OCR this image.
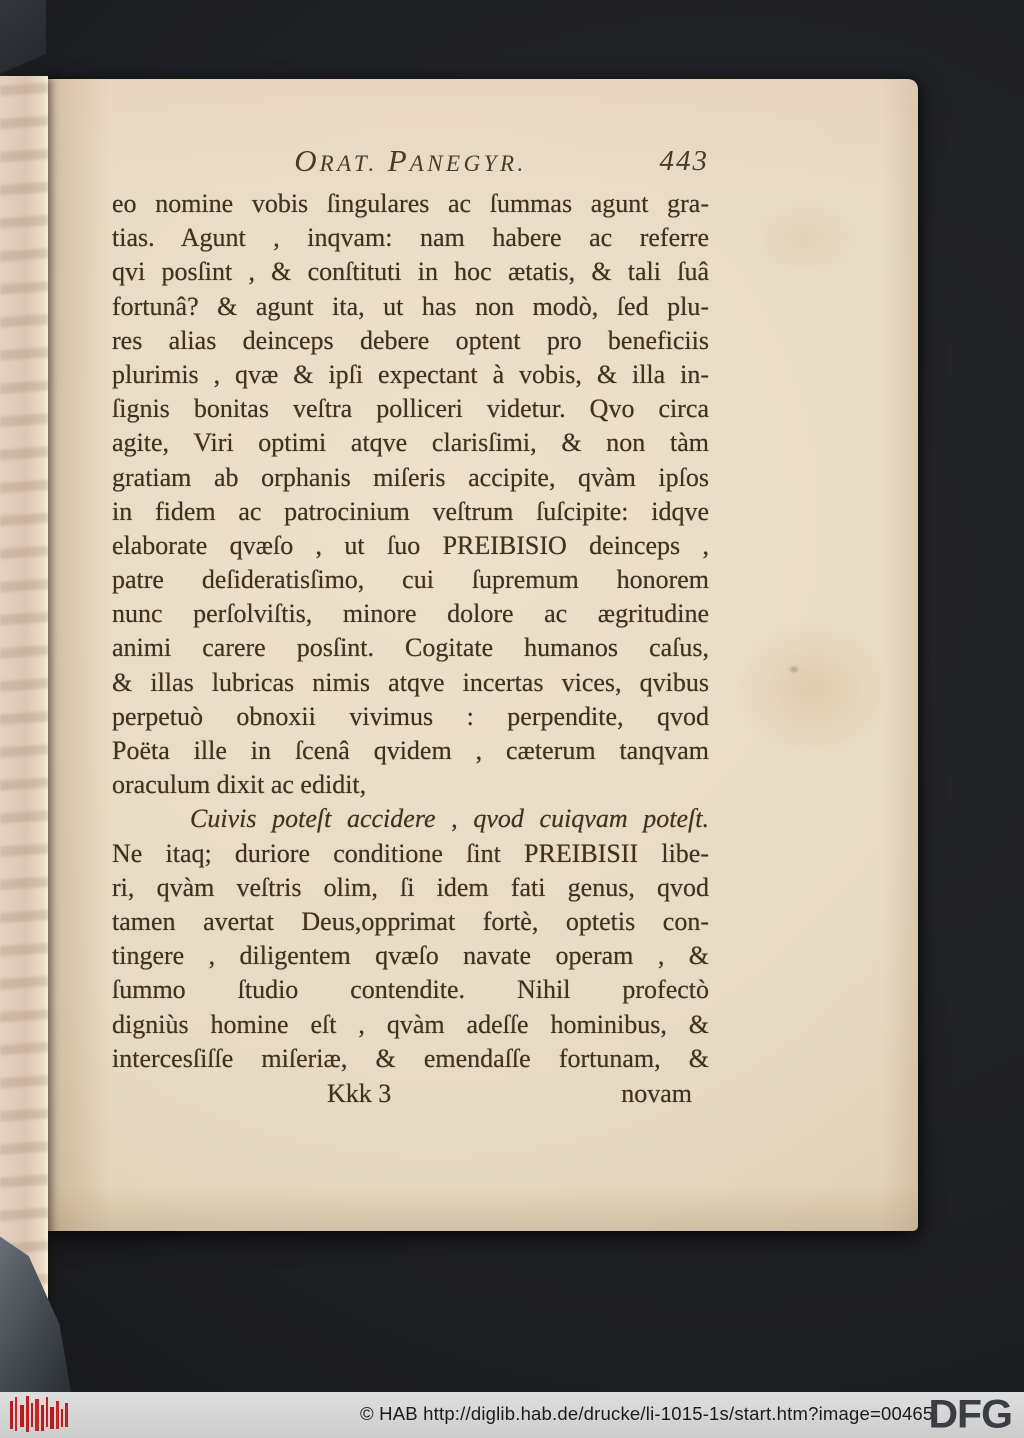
ORAT. PANEGYR.	443
eo nomine vobis ſingulares ac ſummas agunt gra-
tias. Agunt , inqvam: nam habere ac referre
qvi posſint , & conſtituti in hoc ætatis, & tali ſuâ
fortunâ? & agunt ita, ut has non modò, ſed plu-
res alias deinceps debere optent pro beneficiis
plurimis , qvæ & ipſi expectant à vobis, & illa in-
ſignis bonitas veſtra polliceri videtur. Qvo circa
agite, Viri optimi atqve clarisſimi, & non tàm
gratiam ab orphanis miſeris accipite, qvàm ipſos
in fidem ac patrocinium veſtrum ſuſcipite: idqve
elaborate qvæſo , ut ſuo PREIBISIO deinceps ,
patre deſideratisſimo, cui ſupremum honorem
nunc perſolviſtis, minore dolore ac ægritudine
animi carere posſint. Cogitate humanos caſus,
& illas lubricas nimis atqve incertas vices, qvibus
perpetuò obnoxii vivimus : perpendite, qvod
Poëta ille in ſcenâ qvidem , cæterum tanqvam
oraculum dixit ac edidit,
Cuivis poteſt accidere , qvod cuiqvam poteſt.
Ne itaq; duriore conditione ſint PREIBISII libe-
ri, qvàm veſtris olim, ſi idem fati genus, qvod
tamen avertat Deus,opprimat fortè, optetis con-
tingere , diligentem qvæſo navate operam , &
ſummo ſtudio contendite. Nihil profectò
digniùs homine eſt , qvàm adeſſe hominibus, &
intercesſiſſe miſeriæ, & emendaſſe fortunam, &
Kkk 3	novam
© HAB http://diglib.hab.de/drucke/li-1015-1s/start.htm?image=00465
DFG
